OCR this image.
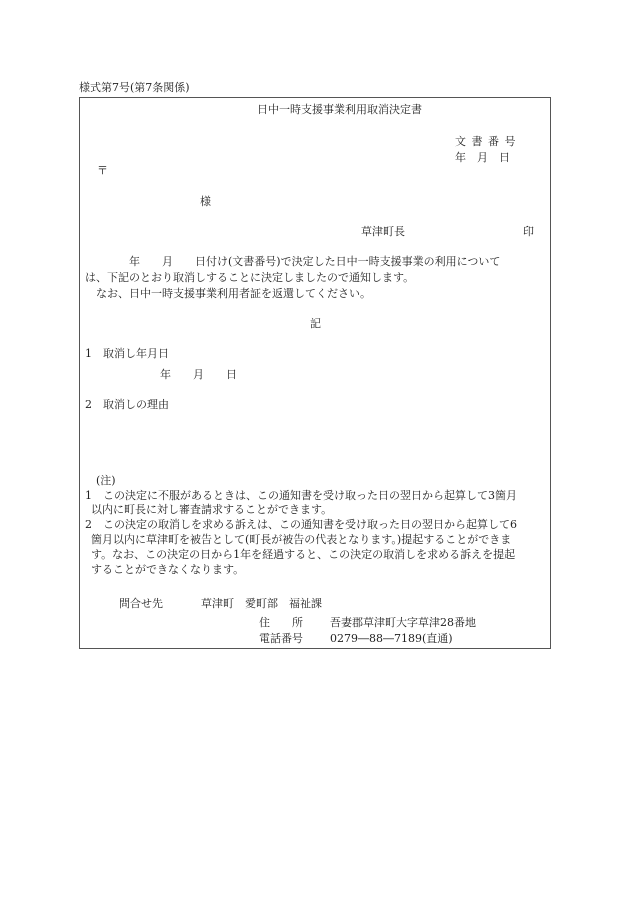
様式第7号(第7条関係)
日中一時支援事業利用取消決定書
文 書 番 号
年　月　日
〒
様
草津町長	印
　　　　年　　月　　日付け(文書番号)で決定した日中一時支援事業の利用について
は、下記のとおり取消しすることに決定しましたので通知します。
　なお、日中一時支援事業利用者証を返還してください。
記
1　取消し年月日
年　　月　　日
2　取消しの理由
(注)
1　この決定に不服があるときは、この通知書を受け取った日の翌日から起算して3箇月
以内に町長に対し審査請求することができます。
2　この決定の取消しを求める訴えは、この通知書を受け取った日の翌日から起算して6
箇月以内に草津町を被告として(町長が被告の代表となります。)提起することができま
す。なお、この決定の日から1年を経過すると、この決定の取消しを求める訴えを提起
することができなくなります。
問合せ先	草津町　愛町部　福祉課
住　　所 吾妻郡草津町大字草津28番地
電話番号 0279―88―7189(直通)
